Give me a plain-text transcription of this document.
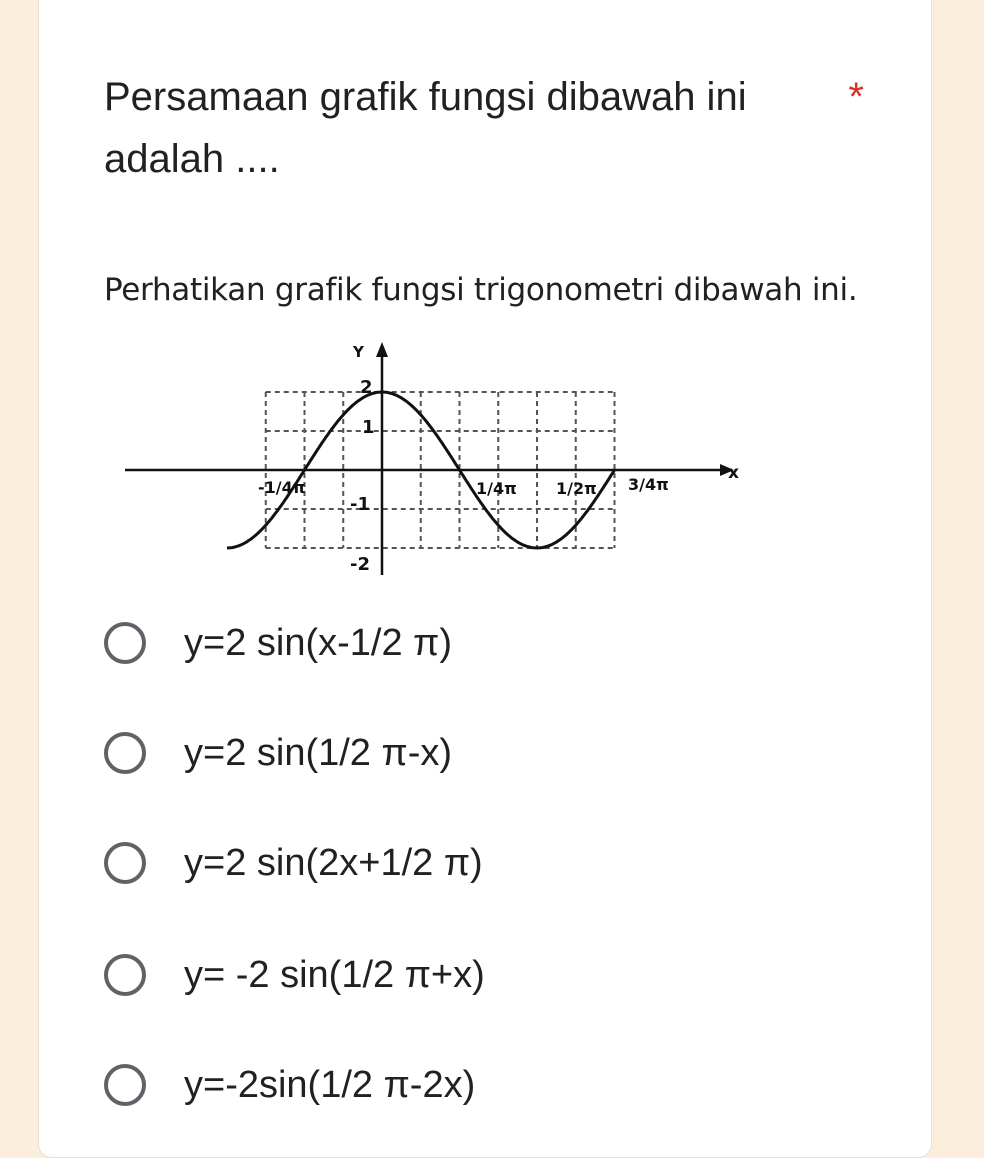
Persamaan grafik fungsi dibawah ini adalah ....
*
Perhatikan grafik fungsi trigonometri dibawah ini.
Y
x
2
1
-1
-2
-1/4π	1/4π 1/2π 3/4π
y=2 sin(x-1/2 π)
y=2 sin(1/2 π-x)
y=2 sin(2x+1/2 π)
y= -2 sin(1/2 π+x)
y=-2sin(1/2 π-2x)
